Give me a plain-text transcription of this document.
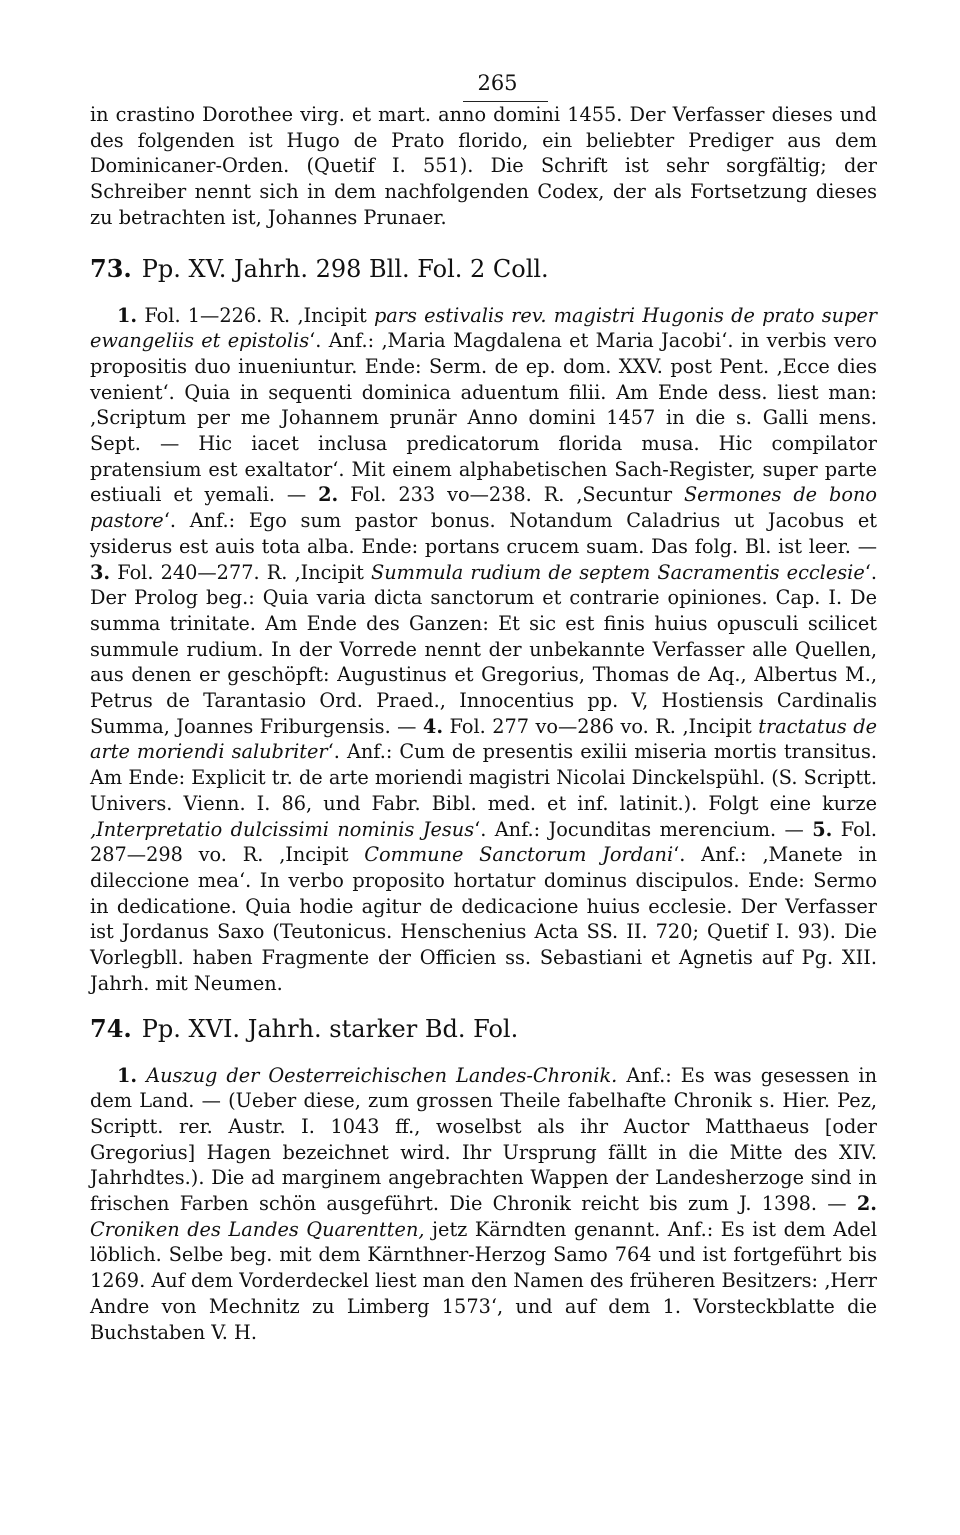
265

in crastino Dorothee virg. et mart. anno domini 1455. Der Verfasser dieses und des folgenden ist Hugo de Prato florido, ein beliebter Prediger aus dem Dominicaner-Orden. (Quetif I. 551). Die Schrift ist sehr sorgfältig; der Schreiber nennt sich in dem nachfolgenden Codex, der als Fortsetzung dieses zu betrachten ist, Johannes Prunaer.

73. Pp. XV. Jahrh. 298 Bll. Fol. 2 Coll.

1. Fol. 1—226. R. ‚Incipit pars estivalis rev. magistri Hugonis de prato super ewangeliis et epistolis‘. Anf.: ‚Maria Magdalena et Maria Jacobi‘. in verbis vero propositis duo inueniuntur. Ende: Serm. de ep. dom. XXV. post Pent. ‚Ecce dies venient‘. Quia in sequenti dominica aduentum filii. Am Ende dess. liest man: ‚Scriptum per me Johannem prunär Anno domini 1457 in die s. Galli mens. Sept. — Hic iacet inclusa predicatorum florida musa. Hic compilator pratensium est exaltator‘. Mit einem alphabetischen Sach-Register, super parte estiuali et yemali. — 2. Fol. 233 vo—238. R. ‚Secuntur Sermones de bono pastore‘. Anf.: Ego sum pastor bonus. Notandum Caladrius ut Jacobus et ysiderus est auis tota alba. Ende: portans crucem suam. Das folg. Bl. ist leer. — 3. Fol. 240—277. R. ‚Incipit Summula rudium de septem Sacramentis ecclesie‘. Der Prolog beg.: Quia varia dicta sanctorum et contrarie opiniones. Cap. I. De summa trinitate. Am Ende des Ganzen: Et sic est finis huius opusculi scilicet summule rudium. In der Vorrede nennt der unbekannte Verfasser alle Quellen, aus denen er geschöpft: Augustinus et Gregorius, Thomas de Aq., Albertus M., Petrus de Tarantasio Ord. Praed., Innocentius pp. V, Hostiensis Cardinalis Summa, Joannes Friburgensis. — 4. Fol. 277 vo—286 vo. R. ‚Incipit tractatus de arte moriendi salubriter‘. Anf.: Cum de presentis exilii miseria mortis transitus. Am Ende: Explicit tr. de arte moriendi magistri Nicolai Dinckelspühl. (S. Scriptt. Univers. Vienn. I. 86, und Fabr. Bibl. med. et inf. latinit.). Folgt eine kurze ‚Interpretatio dulcissimi nominis Jesus‘. Anf.: Jocunditas merencium. — 5. Fol. 287—298 vo. R. ‚Incipit Commune Sanctorum Jordani‘. Anf.: ‚Manete in dileccione mea‘. In verbo proposito hortatur dominus discipulos. Ende: Sermo in dedicatione. Quia hodie agitur de dedicacione huius ecclesie. Der Verfasser ist Jordanus Saxo (Teutonicus. Henschenius Acta SS. II. 720; Quetif I. 93). Die Vorlegbll. haben Fragmente der Officien ss. Sebastiani et Agnetis auf Pg. XII. Jahrh. mit Neumen.

74. Pp. XVI. Jahrh. starker Bd. Fol.

1. Auszug der Oesterreichischen Landes-Chronik. Anf.: Es was gesessen in dem Land. — (Ueber diese, zum grossen Theile fabelhafte Chronik s. Hier. Pez, Scriptt. rer. Austr. I. 1043 ff., woselbst als ihr Auctor Matthaeus [oder Gregorius] Hagen bezeichnet wird. Ihr Ursprung fällt in die Mitte des XIV. Jahrhdtes.). Die ad marginem angebrachten Wappen der Landesherzoge sind in frischen Farben schön ausgeführt. Die Chronik reicht bis zum J. 1398. — 2. Croniken des Landes Quarentten, jetz Kärndten genannt. Anf.: Es ist dem Adel löblich. Selbe beg. mit dem Kärnthner-Herzog Samo 764 und ist fortgeführt bis 1269. Auf dem Vorderdeckel liest man den Namen des früheren Besitzers: ‚Herr Andre von Mechnitz zu Limberg 1573‘, und auf dem 1. Vorsteckblatte die Buchstaben V. H.
